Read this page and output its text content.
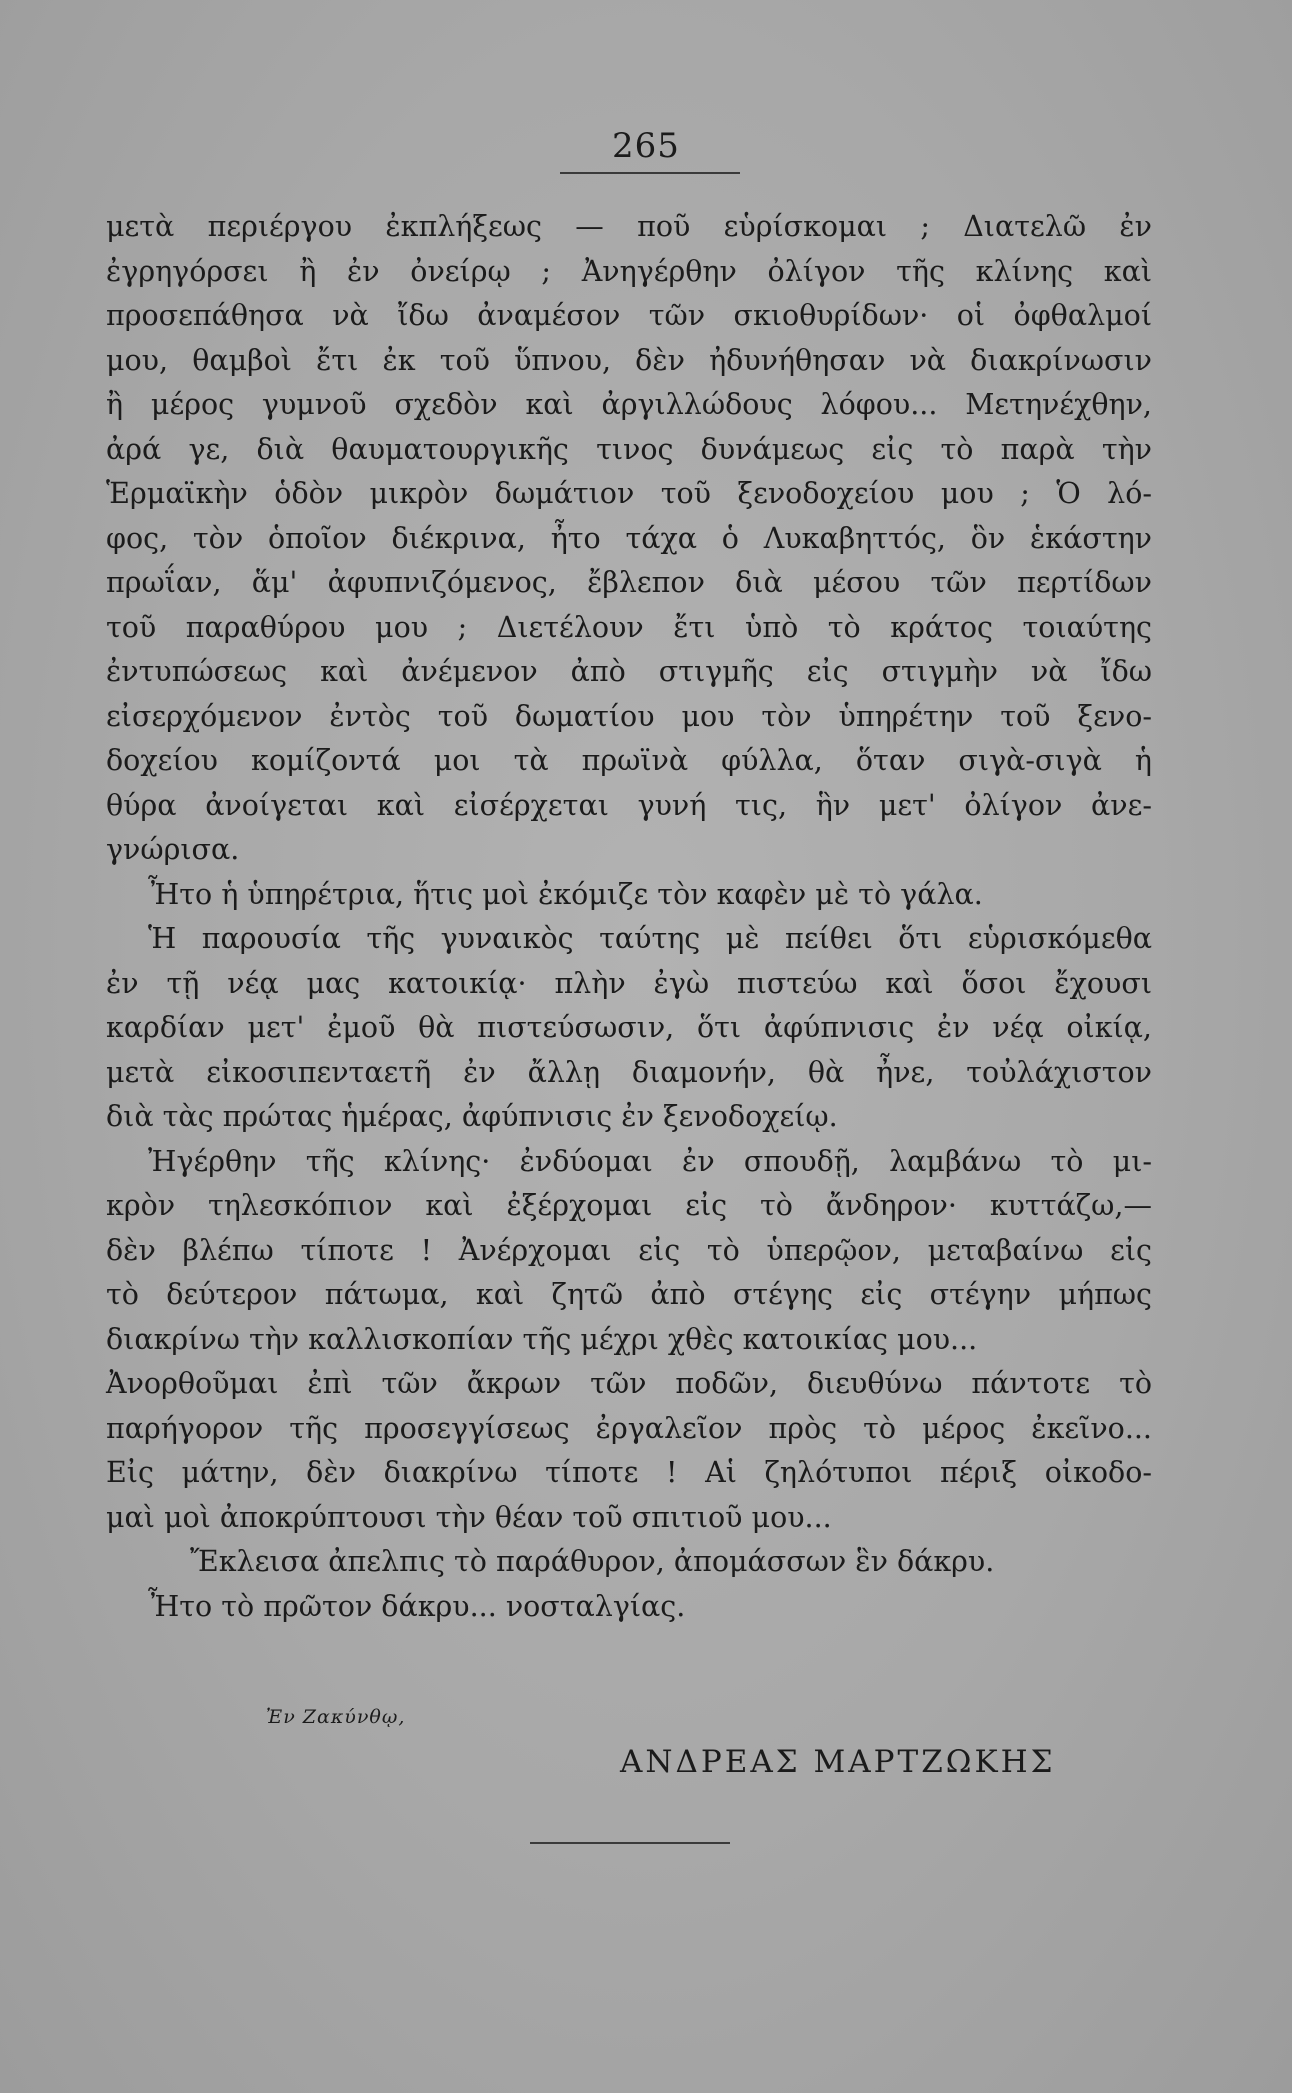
265
μετὰ περιέργου ἐκπλήξεως — ποῦ εὑρίσκομαι ; Διατελῶ ἐν
ἐγρηγόρσει ἢ ἐν ὀνείρῳ ; Ἀνηγέρθην ὀλίγον τῆς κλίνης καὶ
προσεπάθησα νὰ ἴδω ἀναμέσον τῶν σκιοθυρίδων· οἱ ὀφθαλμοί
μου, θαμβοὶ ἔτι ἐκ τοῦ ὕπνου, δὲν ἠδυνήθησαν νὰ διακρίνωσιν
ἢ μέρος γυμνοῦ σχεδὸν καὶ ἀργιλλώδους λόφου... Μετηνέχθην,
ἀρά γε, διὰ θαυματουργικῆς τινος δυνάμεως εἰς τὸ παρὰ τὴν
Ἑρμαϊκὴν ὁδὸν μικρὸν δωμάτιον τοῦ ξενοδοχείου μου ; Ὁ λό-
φος, τὸν ὁποῖον διέκρινα, ἦτο τάχα ὁ Λυκαβηττός, ὃν ἑκάστην
πρωΐαν, ἅμ' ἀφυπνιζόμενος, ἔβλεπον διὰ μέσου τῶν περτίδων
τοῦ παραθύρου μου ; Διετέλουν ἔτι ὑπὸ τὸ κράτος τοιαύτης
ἐντυπώσεως καὶ ἀνέμενον ἀπὸ στιγμῆς εἰς στιγμὴν νὰ ἴδω
εἰσερχόμενον ἐντὸς τοῦ δωματίου μου τὸν ὑπηρέτην τοῦ ξενο-
δοχείου κομίζοντά μοι τὰ πρωϊνὰ φύλλα, ὅταν σιγὰ-σιγὰ ἡ
θύρα ἀνοίγεται καὶ εἰσέρχεται γυνή τις, ἣν μετ' ὀλίγον ἀνε-
γνώρισα.
Ἦτο ἡ ὑπηρέτρια, ἥτις μοὶ ἐκόμιζε τὸν καφὲν μὲ τὸ γάλα.
Ἡ παρουσία τῆς γυναικὸς ταύτης μὲ πείθει ὅτι εὑρισκόμεθα
ἐν τῇ νέᾳ μας κατοικίᾳ· πλὴν ἐγὼ πιστεύω καὶ ὅσοι ἔχουσι
καρδίαν μετ' ἐμοῦ θὰ πιστεύσωσιν, ὅτι ἀφύπνισις ἐν νέᾳ οἰκίᾳ,
μετὰ εἰκοσιπενταετῆ ἐν ἄλλῃ διαμονήν, θὰ ἦνε, τοὐλάχιστον
διὰ τὰς πρώτας ἡμέρας, ἀφύπνισις ἐν ξενοδοχείῳ.
Ἠγέρθην τῆς κλίνης· ἐνδύομαι ἐν σπουδῇ, λαμβάνω τὸ μι-
κρὸν τηλεσκόπιον καὶ ἐξέρχομαι εἰς τὸ ἄνδηρον· κυττάζω,—
δὲν βλέπω τίποτε ! Ἀνέρχομαι εἰς τὸ ὑπερῷον, μεταβαίνω εἰς
τὸ δεύτερον πάτωμα, καὶ ζητῶ ἀπὸ στέγης εἰς στέγην μήπως
διακρίνω τὴν καλλισκοπίαν τῆς μέχρι χθὲς κατοικίας μου...
Ἀνορθοῦμαι ἐπὶ τῶν ἄκρων τῶν ποδῶν, διευθύνω πάντοτε τὸ
παρήγορον τῆς προσεγγίσεως ἐργαλεῖον πρὸς τὸ μέρος ἐκεῖνο...
Εἰς μάτην, δὲν διακρίνω τίποτε ! Αἱ ζηλότυποι πέριξ οἰκοδο-
μαὶ μοὶ ἀποκρύπτουσι τὴν θέαν τοῦ σπιτιοῦ μου...
Ἔκλεισα ἀπελπις τὸ παράθυρον, ἀπομάσσων ἓν δάκρυ.
Ἦτο τὸ πρῶτον δάκρυ... νοσταλγίας.
Ἐν Ζακύνθῳ,
ΑΝΔΡΕΑΣ ΜΑΡΤΖΩΚΗΣ
